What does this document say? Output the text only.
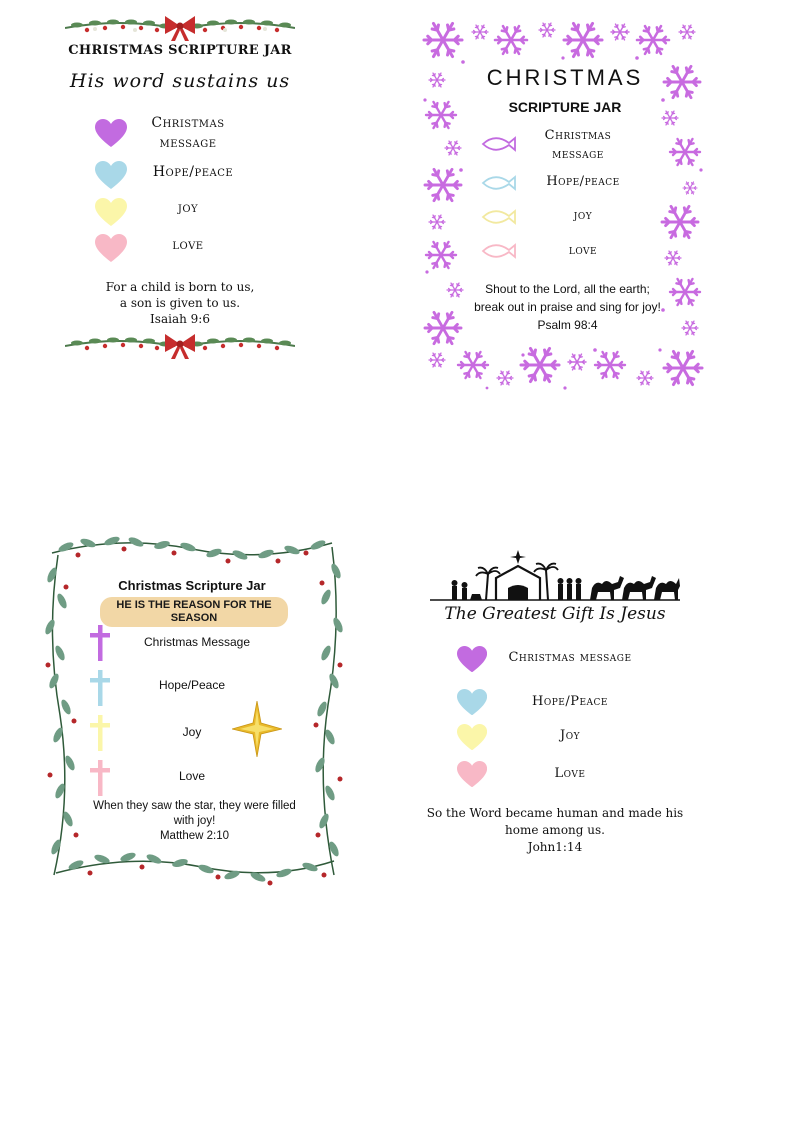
CHRISTMAS SCRIPTURE JAR
His word sustains us
Christmas message
Hope/peace
joy
love
For a child is born to us,
a son is given to us.
Isaiah 9:6
CHRISTMAS
SCRIPTURE JAR
Christmas message
Hope/peace
joy
love
Shout to the Lord, all the earth;
break out in praise and sing for joy!
Psalm 98:4
Christmas Scripture Jar
HE IS THE REASON FOR THE SEASON
Christmas Message
Hope/Peace
Joy
Love
When they saw the star, they were filled
with joy!
Matthew 2:10
The Greatest Gift Is Jesus
Christmas message
Hope/Peace
Joy
Love
So the Word became human and made his
home among us.
John1:14
